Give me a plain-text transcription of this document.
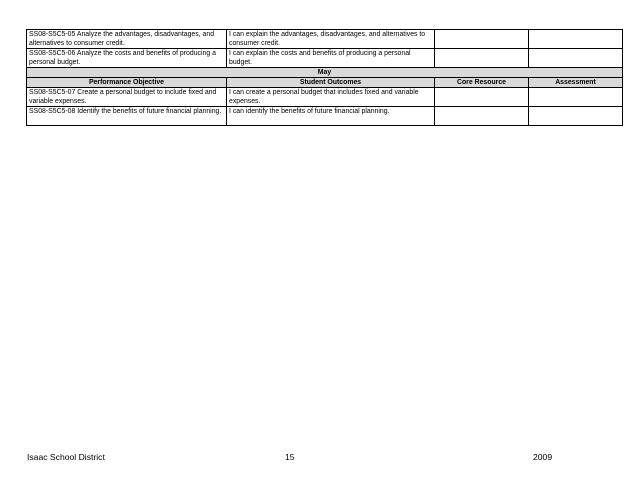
SS08-S5C5-05 Analyze the advantages, disadvantages, and alternatives to consumer credit.	I can explain the advantages, disadvantages, and alternatives to consumer credit.		
SS08-S5C5-06 Analyze the costs and benefits of producing a personal budget.	I can explain the costs and benefits of producing a personal budget.		
May			
Performance Objective	Student Outcomes	Core Resource	Assessment
SS08-S5C5-07 Create a personal budget to include fixed and variable expenses.	I can create a personal budget that includes fixed and variable expenses.		
SS08-S5C5-08 Identify the benefits of future financial planning.	I can identify the benefits of future financial planning.		
Isaac School District	15	2009
